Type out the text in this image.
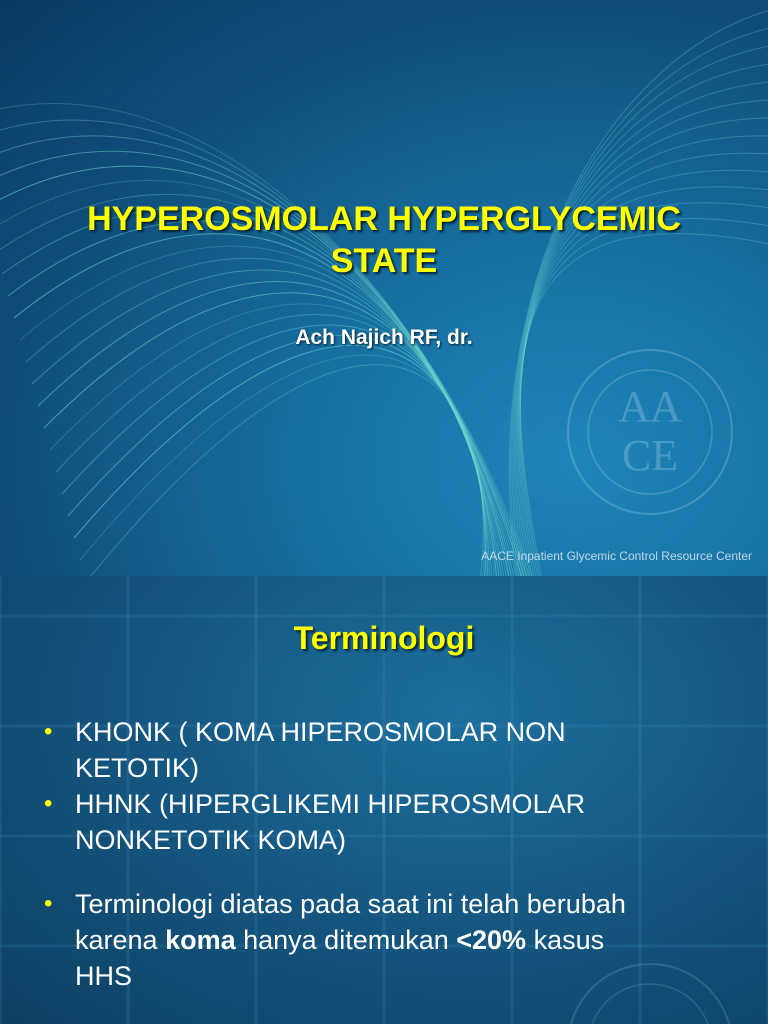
AA
CE
HYPEROSMOLAR HYPERGLYCEMIC
STATE
Ach Najich RF, dr.
AACE Inpatient Glycemic Control Resource Center
Terminologi
• KHONK ( KOMA HIPEROSMOLAR NON
KETOTIK)
• HHNK (HIPERGLIKEMI HIPEROSMOLAR
NONKETOTIK KOMA)
• Terminologi diatas pada saat ini telah berubah
karena koma hanya ditemukan <20% kasus
HHS
